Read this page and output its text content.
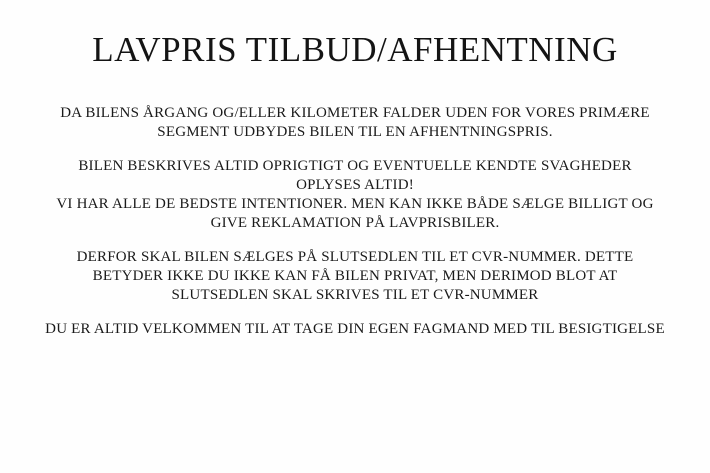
LAVPRIS TILBUD/AFHENTNING
DA BILENS ÅRGANG OG/ELLER KILOMETER FALDER UDEN FOR VORES PRIMÆRE
SEGMENT UDBYDES BILEN TIL EN AFHENTNINGSPRIS.
BILEN BESKRIVES ALTID OPRIGTIGT OG EVENTUELLE KENDTE SVAGHEDER
OPLYSES ALTID!
VI HAR ALLE DE BEDSTE INTENTIONER. MEN KAN IKKE BÅDE SÆLGE BILLIGT OG
GIVE REKLAMATION PÅ LAVPRISBILER.
DERFOR SKAL BILEN SÆLGES PÅ SLUTSEDLEN TIL ET CVR-NUMMER. DETTE
BETYDER IKKE DU IKKE KAN FÅ BILEN PRIVAT, MEN DERIMOD BLOT AT
SLUTSEDLEN SKAL SKRIVES TIL ET CVR-NUMMER
DU ER ALTID VELKOMMEN TIL AT TAGE DIN EGEN FAGMAND MED TIL BESIGTIGELSE
